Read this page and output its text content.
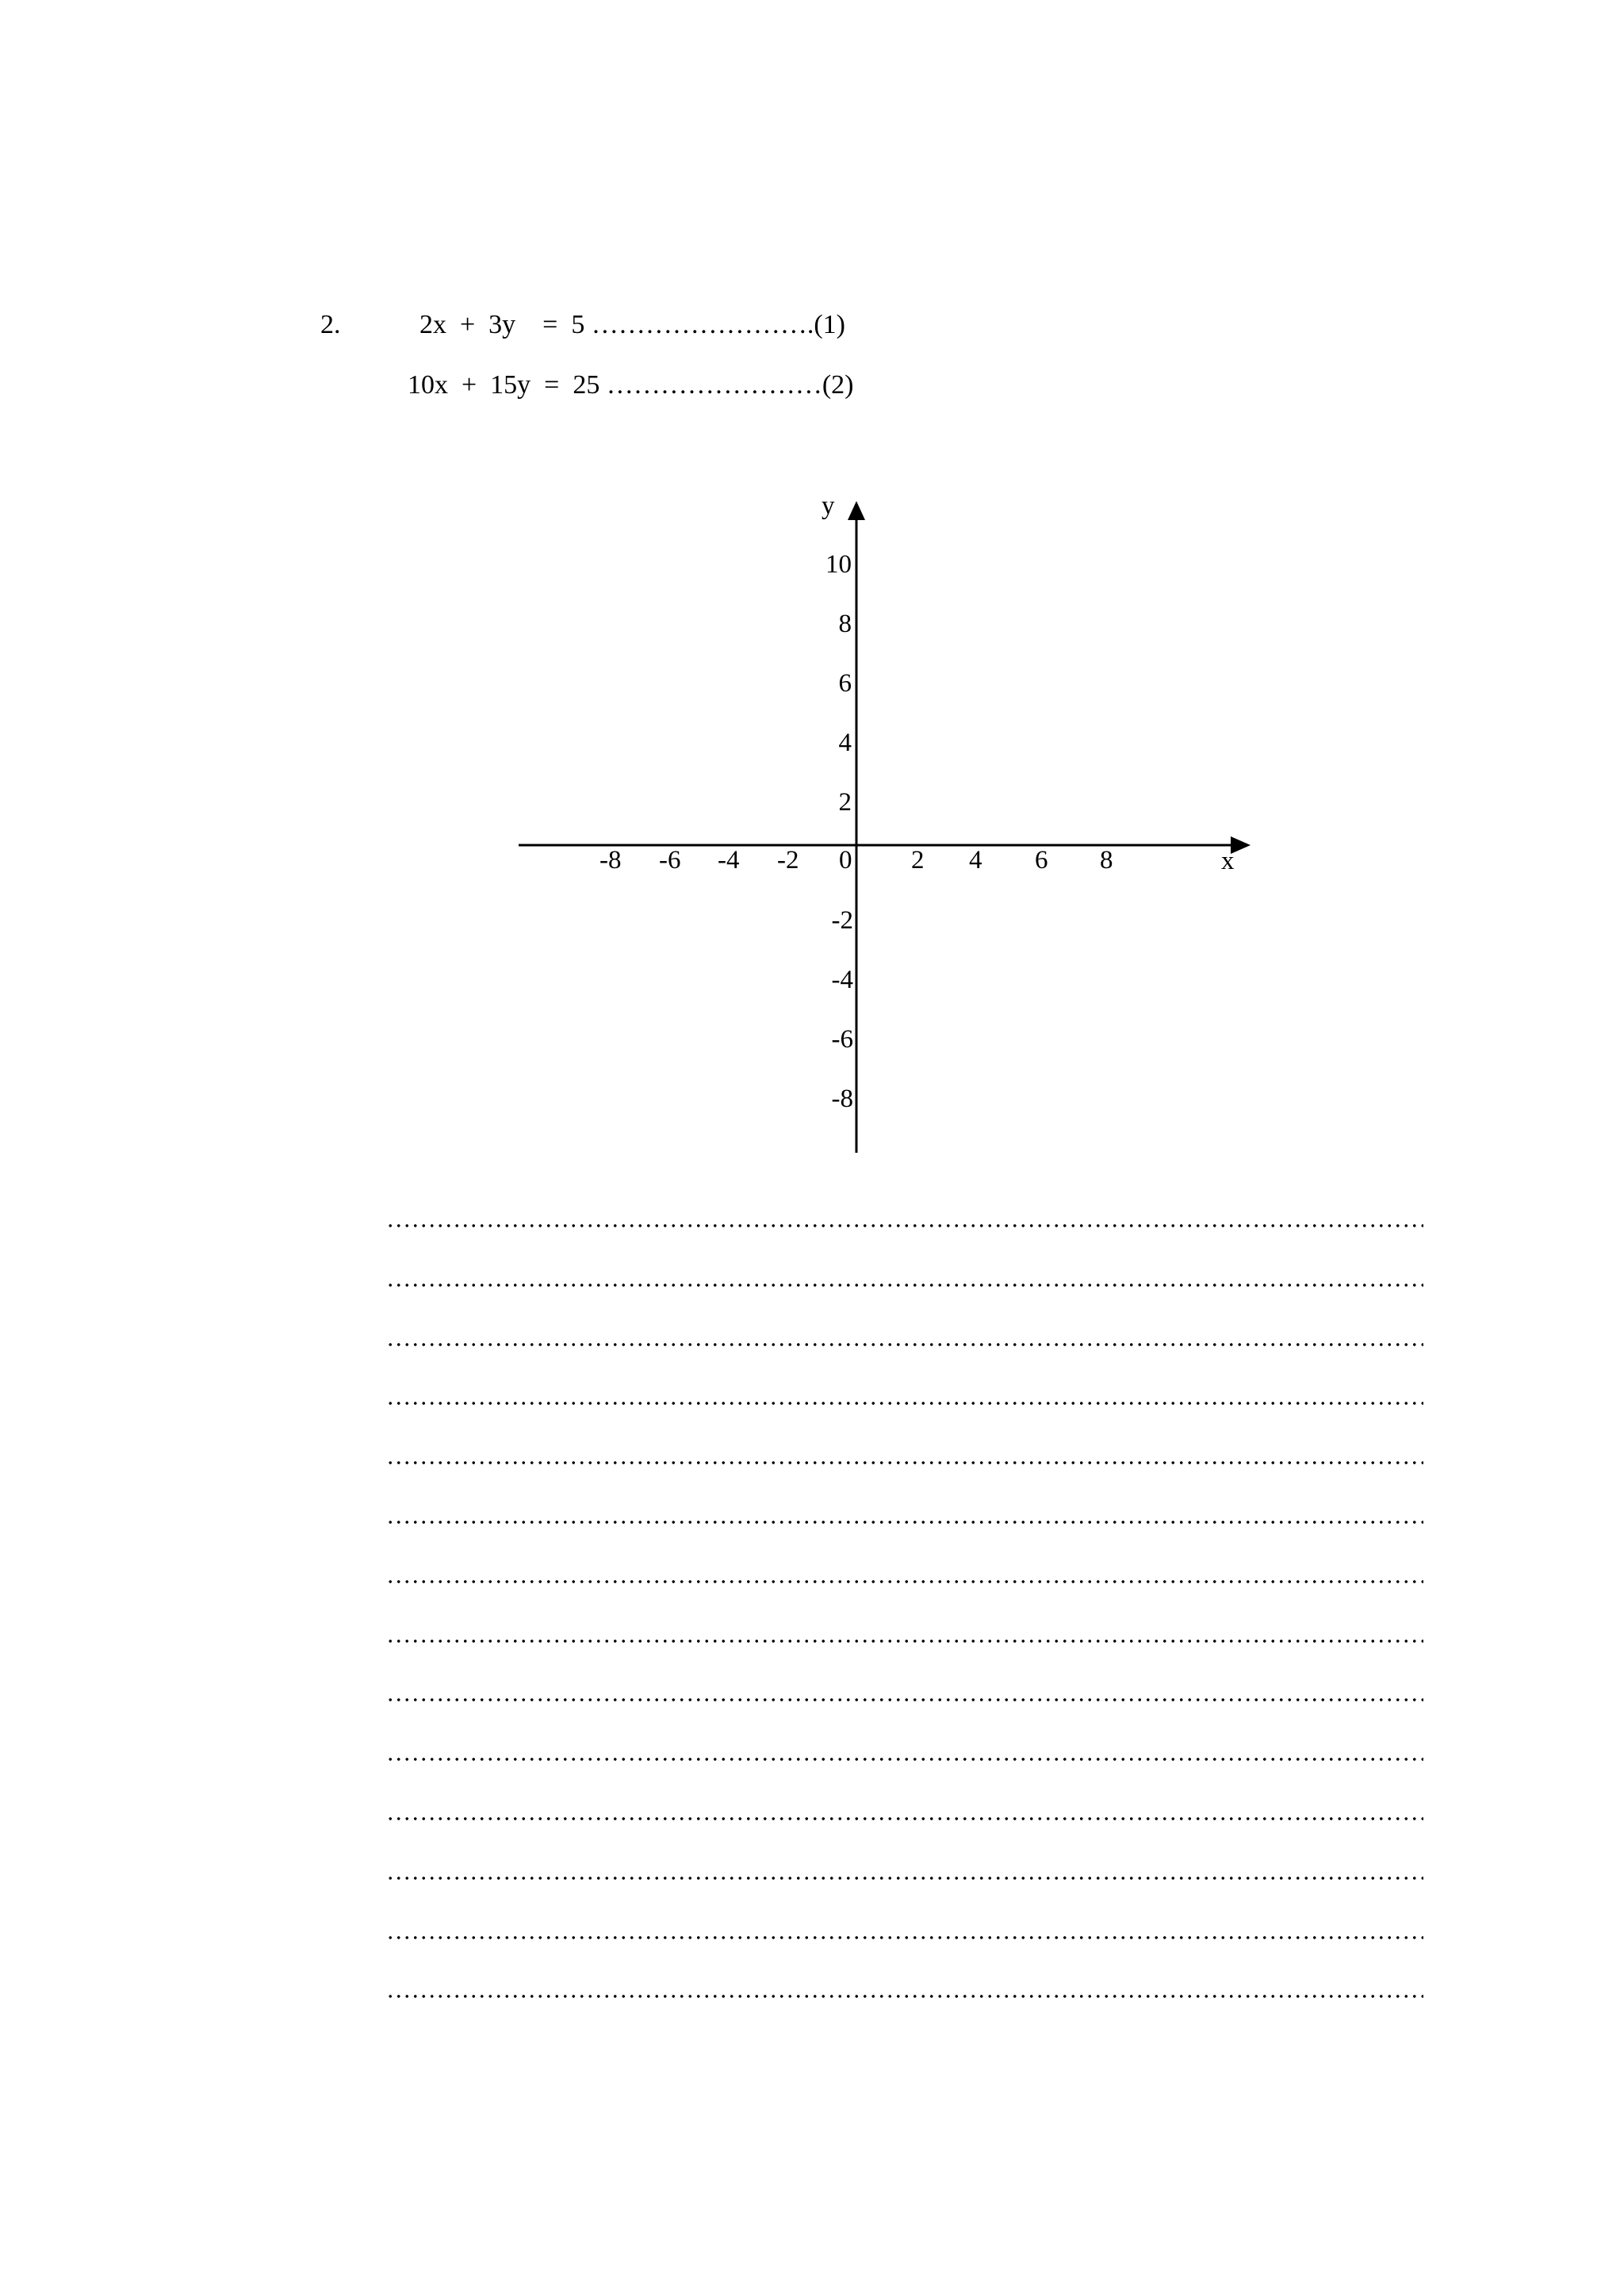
2.	2x  +  3y    =  5 …………………….(1)
10x  +  15y  =  25 ……………………(2)
y
x
-8 -6 -4 -2 0 2 4 6 8
10
8
6
4
2
-2
-4
-6
-8
